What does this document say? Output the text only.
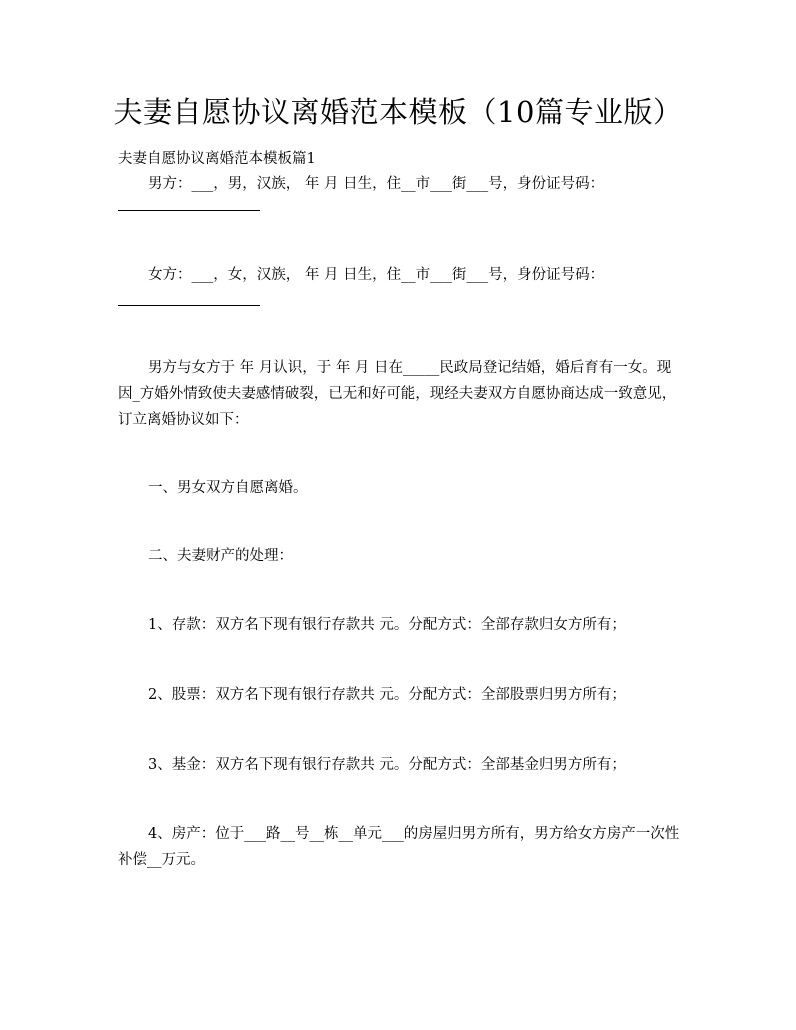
夫妻自愿协议离婚范本模板（10篇专业版）

夫妻自愿协议离婚范本模板篇1

男方：___，男，汉族， 年 月 日生，住__市___街___号，身份证号码：

女方：___，女，汉族， 年 月 日生，住__市___街___号，身份证号码：

男方与女方于 年 月认识，于 年 月 日在_____民政局登记结婚，婚后育有一女。现因_方婚外情致使夫妻感情破裂，已无和好可能，现经夫妻双方自愿协商达成一致意见，订立离婚协议如下：

一、男女双方自愿离婚。

二、夫妻财产的处理：

1、存款：双方名下现有银行存款共 元。分配方式：全部存款归女方所有；

2、股票：双方名下现有银行存款共 元。分配方式：全部股票归男方所有；

3、基金：双方名下现有银行存款共 元。分配方式：全部基金归男方所有；

4、房产：位于___路__号__栋__单元___的房屋归男方所有，男方给女方房产一次性补偿__万元。
